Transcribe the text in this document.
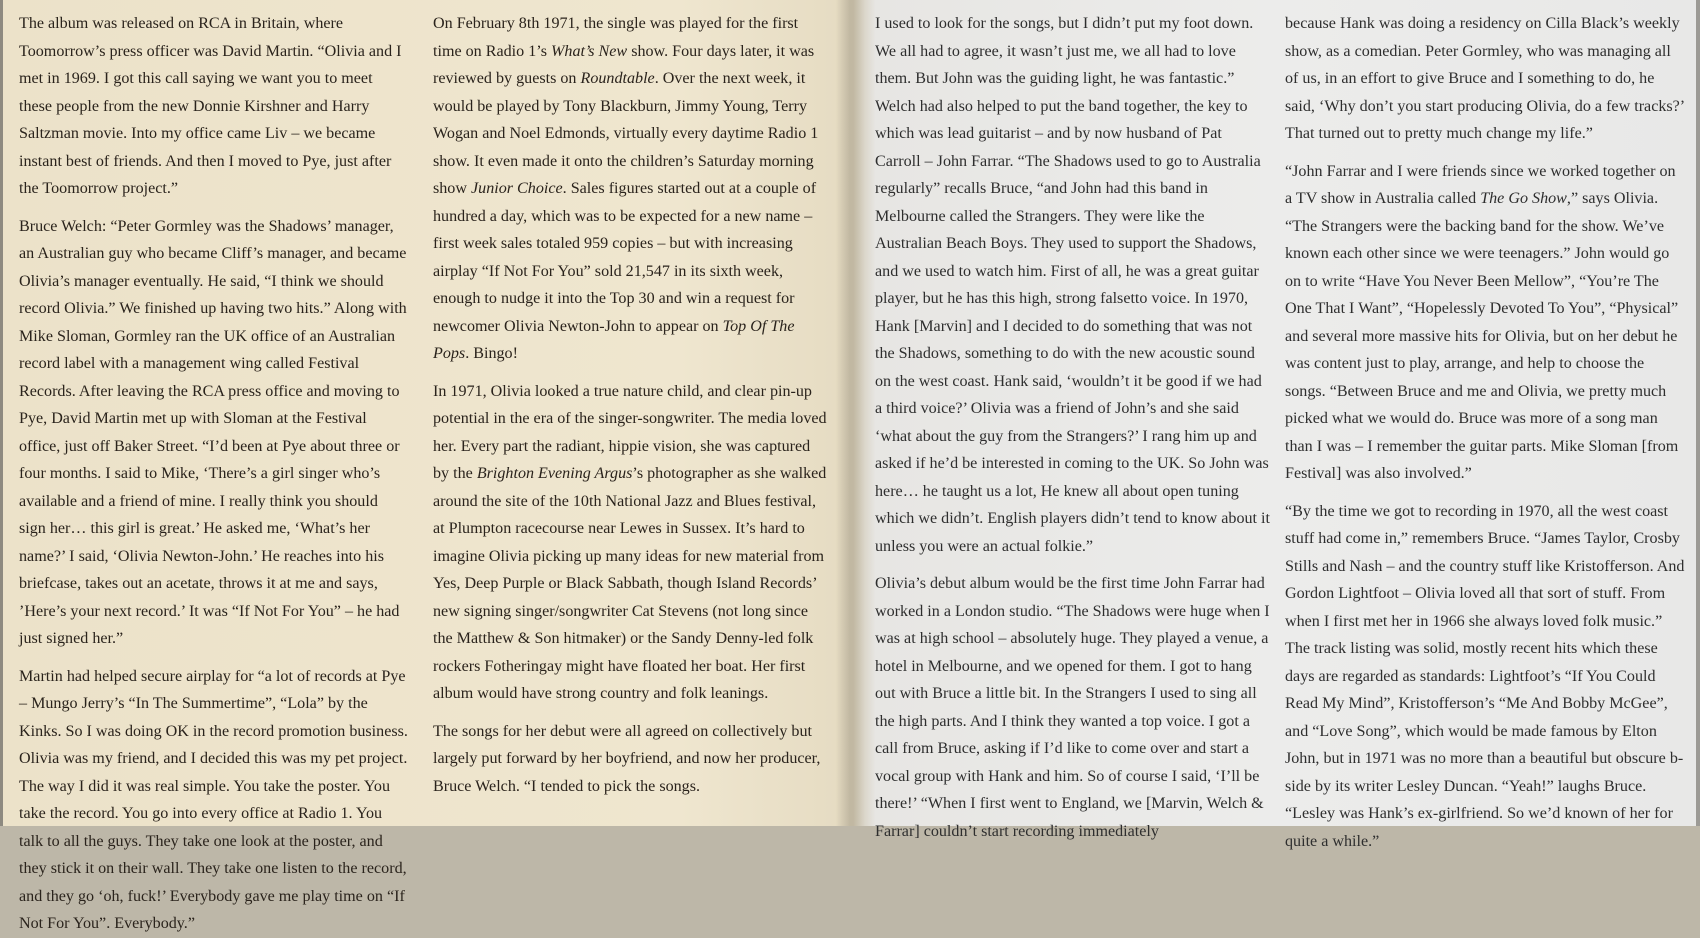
The album was released on RCA in Britain, where Toomorrow’s press officer was David Martin. “Olivia and I met in 1969. I got this call saying we want you to meet these people from the new Donnie Kirshner and Harry Saltzman movie. Into my office came Liv – we became instant best of friends. And then I moved to Pye, just after the Toomorrow project.”

Bruce Welch: “Peter Gormley was the Shadows’ manager, an Australian guy who became Cliff’s manager, and became Olivia’s manager eventually. He said, “I think we should record Olivia.” We finished up having two hits.” Along with Mike Sloman, Gormley ran the UK office of an Australian record label with a management wing called Festival Records. After leaving the RCA press office and moving to Pye, David Martin met up with Sloman at the Festival office, just off Baker Street. “I’d been at Pye about three or four months. I said to Mike, ‘There’s a girl singer who’s available and a friend of mine. I really think you should sign her… this girl is great.’ He asked me, ‘What’s her name?’ I said, ‘Olivia Newton-John.’ He reaches into his briefcase, takes out an acetate, throws it at me and says, ’Here’s your next record.’ It was “If Not For You” – he had just signed her.”

Martin had helped secure airplay for “a lot of records at Pye – Mungo Jerry’s “In The Summertime”, “Lola” by the Kinks. So I was doing OK in the record promotion business. Olivia was my friend, and I decided this was my pet project. The way I did it was real simple. You take the poster. You take the record. You go into every office at Radio 1. You talk to all the guys. They take one look at the poster, and they stick it on their wall. They take one listen to the record, and they go ‘oh, fuck!’ Everybody gave me play time on “If Not For You”. Everybody.”

On February 8th 1971, the single was played for the first time on Radio 1’s What’s New show. Four days later, it was reviewed by guests on Roundtable. Over the next week, it would be played by Tony Blackburn, Jimmy Young, Terry Wogan and Noel Edmonds, virtually every daytime Radio 1 show. It even made it onto the children’s Saturday morning show Junior Choice. Sales figures started out at a couple of hundred a day, which was to be expected for a new name – first week sales totaled 959 copies – but with increasing airplay “If Not For You” sold 21,547 in its sixth week, enough to nudge it into the Top 30 and win a request for newcomer Olivia Newton-John to appear on Top Of The Pops. Bingo!

In 1971, Olivia looked a true nature child, and clear pin-up potential in the era of the singer-songwriter. The media loved her. Every part the radiant, hippie vision, she was captured by the Brighton Evening Argus’s photographer as she walked around the site of the 10th National Jazz and Blues festival, at Plumpton racecourse near Lewes in Sussex. It’s hard to imagine Olivia picking up many ideas for new material from Yes, Deep Purple or Black Sabbath, though Island Records’ new signing singer/songwriter Cat Stevens (not long since the Matthew & Son hitmaker) or the Sandy Denny-led folk rockers Fotheringay might have floated her boat. Her first album would have strong country and folk leanings.

The songs for her debut were all agreed on collectively but largely put forward by her boyfriend, and now her producer, Bruce Welch. “I tended to pick the songs.

I used to look for the songs, but I didn’t put my foot down. We all had to agree, it wasn’t just me, we all had to love them. But John was the guiding light, he was fantastic.” Welch had also helped to put the band together, the key to which was lead guitarist – and by now husband of Pat Carroll – John Farrar. “The Shadows used to go to Australia regularly” recalls Bruce, “and John had this band in Melbourne called the Strangers. They were like the Australian Beach Boys. They used to support the Shadows, and we used to watch him. First of all, he was a great guitar player, but he has this high, strong falsetto voice. In 1970, Hank [Marvin] and I decided to do something that was not the Shadows, something to do with the new acoustic sound on the west coast. Hank said, ‘wouldn’t it be good if we had a third voice?’ Olivia was a friend of John’s and she said ‘what about the guy from the Strangers?’ I rang him up and asked if he’d be interested in coming to the UK. So John was here… he taught us a lot, He knew all about open tuning which we didn’t. English players didn’t tend to know about it unless you were an actual folkie.”

Olivia’s debut album would be the first time John Farrar had worked in a London studio. “The Shadows were huge when I was at high school – absolutely huge. They played a venue, a hotel in Melbourne, and we opened for them. I got to hang out with Bruce a little bit. In the Strangers I used to sing all the high parts. And I think they wanted a top voice. I got a call from Bruce, asking if I’d like to come over and start a vocal group with Hank and him. So of course I said, ‘I’ll be there!’ “When I first went to England, we [Marvin, Welch & Farrar] couldn’t start recording immediately

because Hank was doing a residency on Cilla Black’s weekly show, as a comedian. Peter Gormley, who was managing all of us, in an effort to give Bruce and I something to do, he said, ‘Why don’t you start producing Olivia, do a few tracks?’ That turned out to pretty much change my life.”

“John Farrar and I were friends since we worked together on a TV show in Australia called The Go Show,” says Olivia. “The Strangers were the backing band for the show. We’ve known each other since we were teenagers.” John would go on to write “Have You Never Been Mellow”, “You’re The One That I Want”, “Hopelessly Devoted To You”, “Physical” and several more massive hits for Olivia, but on her debut he was content just to play, arrange, and help to choose the songs. “Between Bruce and me and Olivia, we pretty much picked what we would do. Bruce was more of a song man than I was – I remember the guitar parts. Mike Sloman [from Festival] was also involved.”

“By the time we got to recording in 1970, all the west coast stuff had come in,” remembers Bruce. “James Taylor, Crosby Stills and Nash – and the country stuff like Kristofferson. And Gordon Lightfoot – Olivia loved all that sort of stuff. From when I first met her in 1966 she always loved folk music.” The track listing was solid, mostly recent hits which these days are regarded as standards: Lightfoot’s “If You Could Read My Mind”, Kristofferson’s “Me And Bobby McGee”, and “Love Song”, which would be made famous by Elton John, but in 1971 was no more than a beautiful but obscure b-side by its writer Lesley Duncan. “Yeah!” laughs Bruce. “Lesley was Hank’s ex-girlfriend. So we’d known of her for quite a while.”
